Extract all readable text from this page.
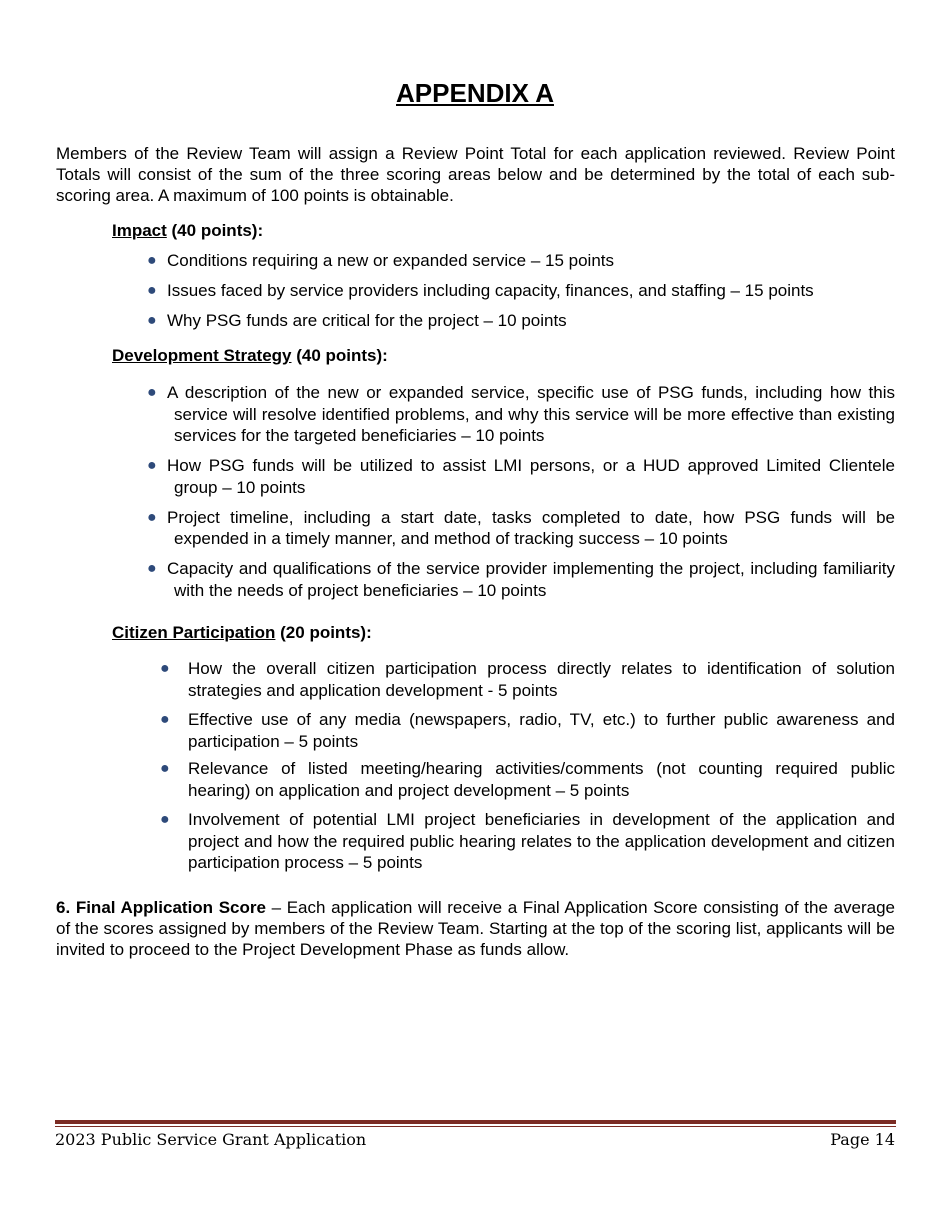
APPENDIX A

Members of the Review Team will assign a Review Point Total for each application reviewed. Review Point Totals will consist of the sum of the three scoring areas below and be determined by the total of each sub-scoring area. A maximum of 100 points is obtainable.

Impact (40 points):

● Conditions requiring a new or expanded service – 15 points
● Issues faced by service providers including capacity, finances, and staffing – 15 points
● Why PSG funds are critical for the project – 10 points

Development Strategy (40 points):

● A description of the new or expanded service, specific use of PSG funds, including how this service will resolve identified problems, and why this service will be more effective than existing services for the targeted beneficiaries – 10 points
● How PSG funds will be utilized to assist LMI persons, or a HUD approved Limited Clientele group – 10 points
● Project timeline, including a start date, tasks completed to date, how PSG funds will be expended in a timely manner, and method of tracking success – 10 points
● Capacity and qualifications of the service provider implementing the project, including familiarity with the needs of project beneficiaries – 10 points

Citizen Participation (20 points):

● How the overall citizen participation process directly relates to identification of solution strategies and application development - 5 points
● Effective use of any media (newspapers, radio, TV, etc.) to further public awareness and participation – 5 points
● Relevance of listed meeting/hearing activities/comments (not counting required public hearing) on application and project development – 5 points
● Involvement of potential LMI project beneficiaries in development of the application and project and how the required public hearing relates to the application development and citizen participation process – 5 points

6. Final Application Score – Each application will receive a Final Application Score consisting of the average of the scores assigned by members of the Review Team. Starting at the top of the scoring list, applicants will be invited to proceed to the Project Development Phase as funds allow.

2023 Public Service Grant Application	Page 14
